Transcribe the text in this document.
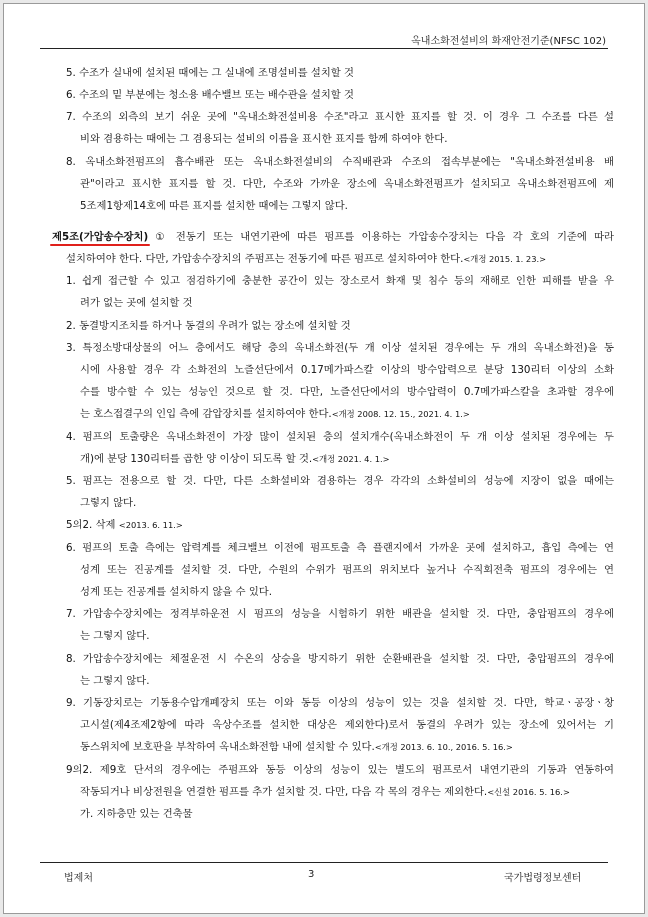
옥내소화전설비의 화재안전기준(NFSC 102)
5. 수조가 실내에 설치된 때에는 그 실내에 조명설비를 설치할 것
6. 수조의 밑 부분에는 청소용 배수밸브 또는 배수관을 설치할 것
7. 수조의 외측의 보기 쉬운 곳에 "옥내소화전설비용 수조"라고 표시한 표지를 할 것. 이 경우 그 수조를 다른 설
비와 겸용하는 때에는 그 겸용되는 설비의 이름을 표시한 표지를 함께 하여야 한다.
8. 옥내소화전펌프의 흡수배관 또는 옥내소화전설비의 수직배관과 수조의 접속부분에는 "옥내소화전설비용 배
관"이라고 표시한 표지를 할 것. 다만, 수조와 가까운 장소에 옥내소화전펌프가 설치되고 옥내소화전펌프에 제
5조제1항제14호에 따른 표지를 설치한 때에는 그렇지 않다.
제5조(가압송수장치)
① 전동기 또는 내연기관에 따른 펌프를 이용하는 가압송수장치는 다음 각 호의 기준에 따라
설치하여야 한다. 다만, 가압송수장치의 주펌프는 전동기에 따른 펌프로 설치하여야 한다.<개정 2015. 1. 23.>
1. 쉽게 접근할 수 있고 점검하기에 충분한 공간이 있는 장소로서 화재 및 침수 등의 재해로 인한 피해를 받을 우
려가 없는 곳에 설치할 것
2. 동결방지조치를 하거나 동결의 우려가 없는 장소에 설치할 것
3. 특정소방대상물의 어느 층에서도 해당 층의 옥내소화전(두 개 이상 설치된 경우에는 두 개의 옥내소화전)을 동
시에 사용할 경우 각 소화전의 노즐선단에서 0.17메가파스칼 이상의 방수압력으로 분당 130리터 이상의 소화
수를 방수할 수 있는 성능인 것으로 할 것. 다만, 노즐선단에서의 방수압력이 0.7메가파스칼을 초과할 경우에
는 호스접결구의 인입 측에 감압장치를 설치하여야 한다.<개정 2008. 12. 15., 2021. 4. 1.>
4. 펌프의 토출량은 옥내소화전이 가장 많이 설치된 층의 설치개수(옥내소화전이 두 개 이상 설치된 경우에는 두
개)에 분당 130리터를 곱한 양 이상이 되도록 할 것.<개정 2021. 4. 1.>
5. 펌프는 전용으로 할 것. 다만, 다른 소화설비와 겸용하는 경우 각각의 소화설비의 성능에 지장이 없을 때에는
그렇지 않다.
5의2. 삭제 <2013. 6. 11.>
6. 펌프의 토출 측에는 압력계를 체크밸브 이전에 펌프토출 측 플랜지에서 가까운 곳에 설치하고, 흡입 측에는 연
성계 또는 진공계를 설치할 것. 다만, 수원의 수위가 펌프의 위치보다 높거나 수직회전축 펌프의 경우에는 연
성계 또는 진공계를 설치하지 않을 수 있다.
7. 가압송수장치에는 정격부하운전 시 펌프의 성능을 시험하기 위한 배관을 설치할 것. 다만, 충압펌프의 경우에
는 그렇지 않다.
8. 가압송수장치에는 체절운전 시 수온의 상승을 방지하기 위한 순환배관을 설치할 것. 다만, 충압펌프의 경우에
는 그렇지 않다.
9. 기동장치로는 기동용수압개폐장치 또는 이와 동등 이상의 성능이 있는 것을 설치할 것. 다만, 학교ㆍ공장ㆍ창
고시설(제4조제2항에 따라 옥상수조를 설치한 대상은 제외한다)로서 동결의 우려가 있는 장소에 있어서는 기
동스위치에 보호판을 부착하여 옥내소화전함 내에 설치할 수 있다.<개정 2013. 6. 10., 2016. 5. 16.>
9의2. 제9호 단서의 경우에는 주펌프와 동등 이상의 성능이 있는 별도의 펌프로서 내연기관의 기동과 연동하여
작동되거나 비상전원을 연결한 펌프를 추가 설치할 것. 다만, 다음 각 목의 경우는 제외한다.<신설 2016. 5. 16.>
가. 지하층만 있는 건축물
법제처	3	국가법령정보센터
